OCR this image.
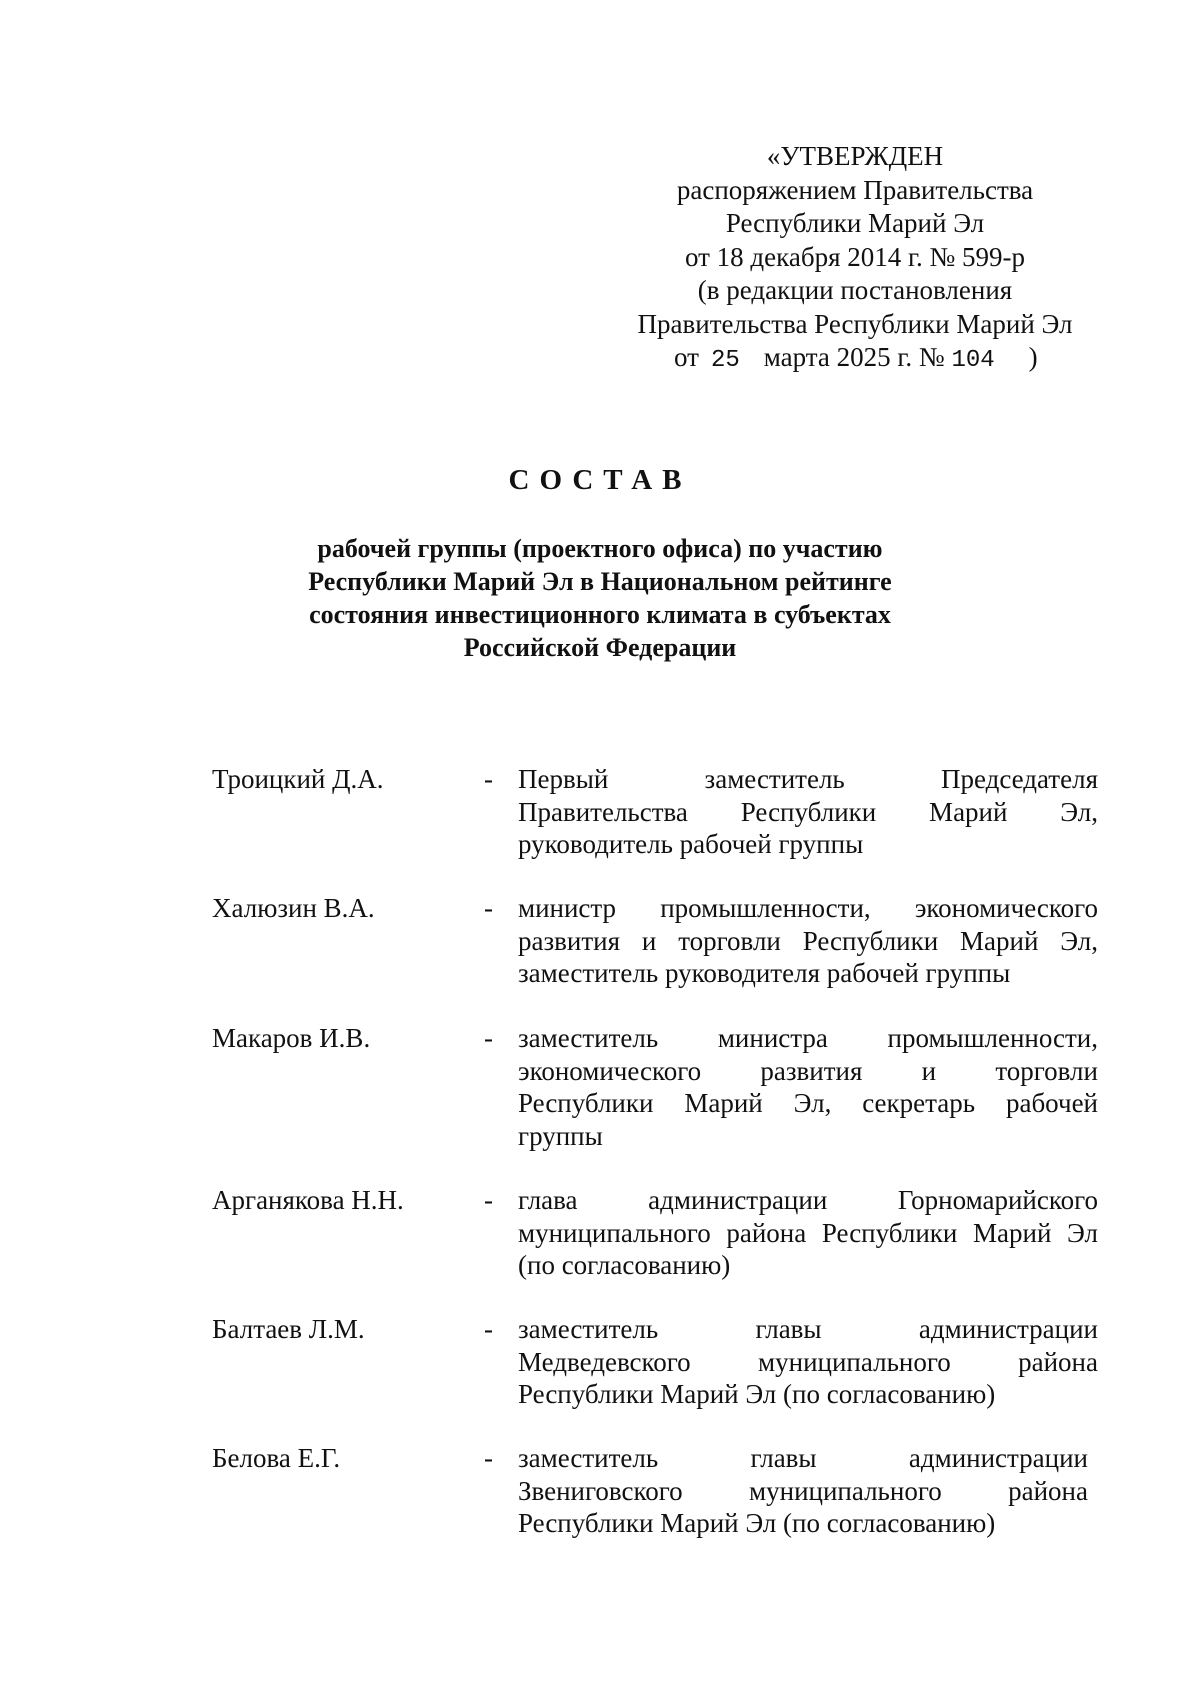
«УТВЕРЖДЕН
распоряжением Правительства
Республики Марий Эл
от 18 декабря 2014 г. № 599-р
(в редакции постановления
Правительства Республики Марий Эл
от 25 марта 2025 г. № 104 )
СОСТАВ
рабочей группы (проектного офиса) по участию
Республики Марий Эл в Национальном рейтинге
состояния инвестиционного климата в субъектах
Российской Федерации
Троицкий Д.А.	- Первый заместитель Председателя
Правительства Республики Марий Эл,
руководитель рабочей группы
Халюзин В.А.	- министр промышленности, экономического
развития и торговли Республики Марий Эл,
заместитель руководителя рабочей группы
Макаров И.В.	- заместитель министра промышленности,
экономического развития и торговли
Республики Марий Эл, секретарь рабочей
группы
Арганякова Н.Н.	- глава администрации Горномарийского
муниципального района Республики Марий Эл
(по согласованию)
Балтаев Л.М.	- заместитель главы администрации
Медведевского муниципального района
Республики Марий Эл (по согласованию)
Белова Е.Г.	- заместитель главы администрации
Звениговского муниципального района
Республики Марий Эл (по согласованию)
